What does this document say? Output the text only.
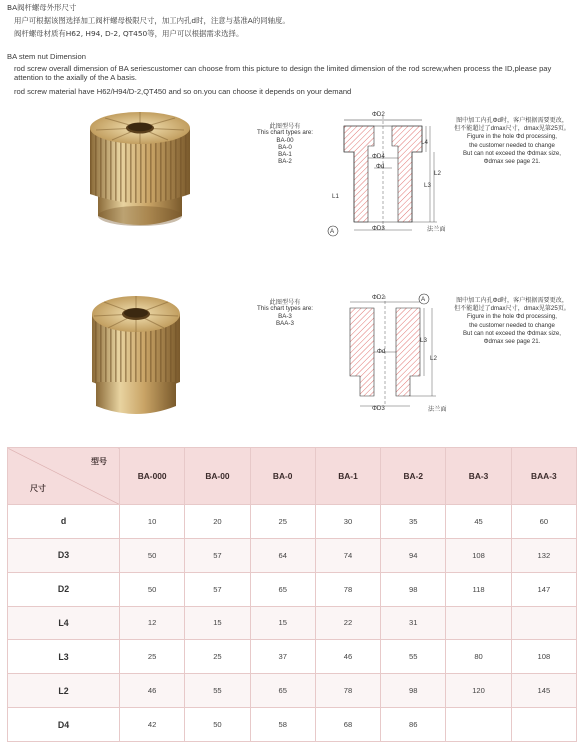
BA阀杆螺母外形尺寸
用户可根据该图选择加工阀杆螺母极限尺寸，加工内孔d时，注意与基准A的同轴度。
阀杆螺母材质有H62, H94, D-2, QT450等，用户可以根据需求选择。
BA stem nut Dimension
rod screw overall dimension of BA seriescustomer can choose from this picture to design the limited dimension of the rod screw,when process the ID,please pay attention to the axially of the A basis.
rod screw material have H62/H94/D-2,QT450 and so on.you can choose it depends on your demand
此图型号有
This chart types are:
BA-00
BA-0
BA-1
BA-2
ΦD2
ΦD4
Φd
ΦD3
L4
L3
L2
L1
A	法兰面
图中加工内孔Φd时，客户根据需要更改，
但不能超过了dmax尺寸，dmax见第25页。
Figure in the hole Φd processing,
the customer needed to change
But can not exceed the Φdmax size,
Φdmax see page 21.
此图型号有
This chart types are:
BA-3
BAA-3
ΦD2
Φd
ΦD3
L3
L2
A
法兰面
图中加工内孔Φd时，客户根据需要更改，
但不能超过了dmax尺寸，dmax见第25页。
Figure in the hole Φd processing,
the customer needed to change
But can not exceed the Φdmax size,
Φdmax see page 21.
型号
尺寸	BA-000	BA-00	BA-0	BA-1	BA-2	BA-3	BAA-3
d	10	20	25	30	35	45	60
D3	50	57	64	74	94	108	132
D2	50	57	65	78	98	118	147
L4	12	15	15	22	31		
L3	25	25	37	46	55	80	108
L2	46	55	65	78	98	120	145
D4	42	50	58	68	86		
